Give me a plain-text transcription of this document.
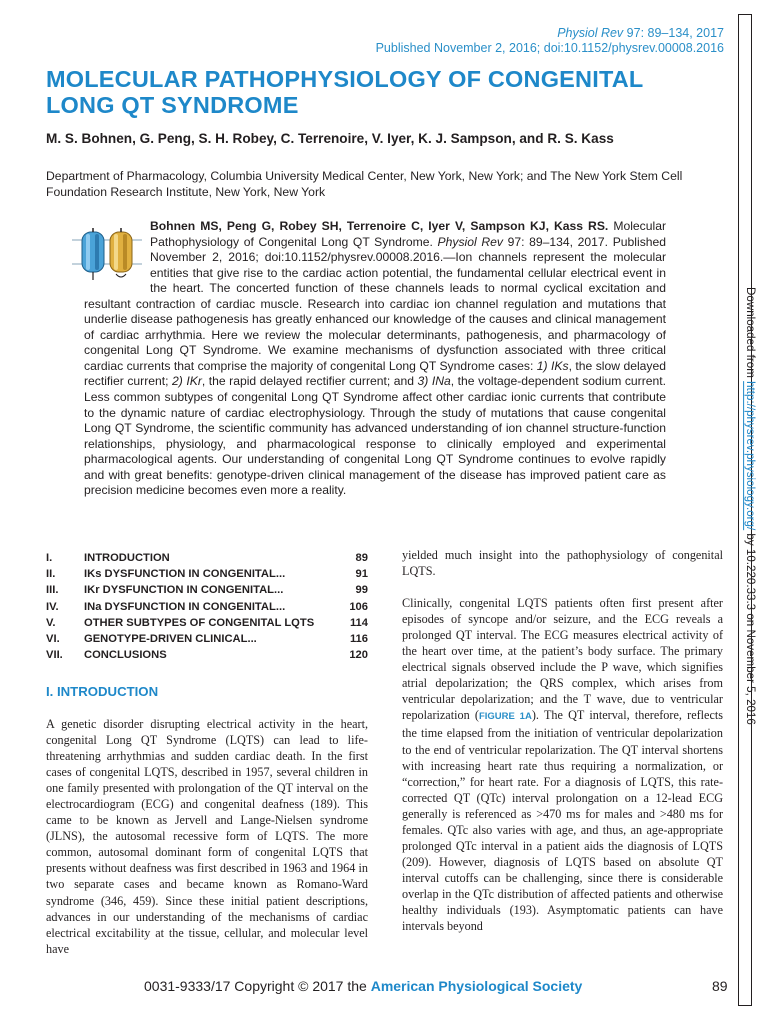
Physiol Rev 97: 89–134, 2017
Published November 2, 2016; doi:10.1152/physrev.00008.2016
MOLECULAR PATHOPHYSIOLOGY OF CONGENITAL
LONG QT SYNDROME
M. S. Bohnen, G. Peng, S. H. Robey, C. Terrenoire, V. Iyer, K. J. Sampson, and R. S. Kass
Department of Pharmacology, Columbia University Medical Center, New York, New York; and The New York Stem Cell Foundation Research Institute, New York, New York

Bohnen MS, Peng G, Robey SH, Terrenoire C, Iyer V, Sampson KJ, Kass RS. Molecular Pathophysiology of Congenital Long QT Syndrome. Physiol Rev 97: 89–134, 2017. Published November 2, 2016; doi:10.1152/physrev.00008.2016.—Ion channels represent the molecular entities that give rise to the cardiac action potential, the fundamental cellular electrical event in the heart. The concerted function of these channels leads to normal cyclical excitation and resultant contraction of cardiac muscle. Research into cardiac ion channel regulation and mutations that underlie disease pathogenesis has greatly enhanced our knowledge of the causes and clinical management of cardiac arrhythmia. Here we review the molecular determinants, pathogenesis, and pharmacology of congenital Long QT Syndrome. We examine mechanisms of dysfunction associated with three critical cardiac currents that comprise the majority of congenital Long QT Syndrome cases: 1) IKs, the slow delayed rectifier current; 2) IKr, the rapid delayed rectifier current; and 3) INa, the voltage-dependent sodium current. Less common subtypes of congenital Long QT Syndrome affect other cardiac ionic currents that contribute to the dynamic nature of cardiac electrophysiology. Through the study of mutations that cause congenital Long QT Syndrome, the scientific community has advanced understanding of ion channel structure-function relationships, physiology, and pharmacological response to clinically employed and experimental pharmacological agents. Our understanding of congenital Long QT Syndrome continues to evolve rapidly and with great benefits: genotype-driven clinical management of the disease has improved patient care as precision medicine becomes even more a reality.

I.	INTRODUCTION	89
II.	IKs DYSFUNCTION IN CONGENITAL...	91
III. IKr DYSFUNCTION IN CONGENITAL...	99
IV. INa DYSFUNCTION IN CONGENITAL...	106
V.	OTHER SUBTYPES OF CONGENITAL LQTS	114
VI. GENOTYPE-DRIVEN CLINICAL...	116
VII. CONCLUSIONS	120
I. INTRODUCTION

A genetic disorder disrupting electrical activity in the heart, congenital Long QT Syndrome (LQTS) can lead to life-threatening arrhythmias and sudden cardiac death. In the first cases of congenital LQTS, described in 1957, several children in one family presented with prolongation of the QT interval on the electrocardiogram (ECG) and congenital deafness (189). This came to be known as Jervell and Lange-Nielsen syndrome (JLNS), the autosomal recessive form of LQTS. The more common, autosomal dominant form of congenital LQTS that presents without deafness was first described in 1963 and 1964 in two separate cases and became known as Romano-Ward syndrome (346, 459). Since these initial patient descriptions, advances in our understanding of the mechanisms of cardiac electrical excitability at the tissue, cellular, and molecular level have

yielded much insight into the pathophysiology of congenital LQTS.

Clinically, congenital LQTS patients often first present after episodes of syncope and/or seizure, and the ECG reveals a prolonged QT interval. The ECG measures electrical activity of the heart over time, at the patient’s body surface. The primary electrical signals observed include the P wave, which signifies atrial depolarization; the QRS complex, which arises from ventricular depolarization; and the T wave, due to ventricular repolarization (FIGURE 1A). The QT interval, therefore, reflects the time elapsed from the initiation of ventricular depolarization to the end of ventricular repolarization. The QT interval shortens with increasing heart rate thus requiring a normalization, or “correction,” for heart rate. For a diagnosis of LQTS, this rate-corrected QT (QTc) interval prolongation on a 12-lead ECG generally is referenced as >470 ms for males and >480 ms for females. QTc also varies with age, and thus, an age-appropriate prolonged QTc interval in a patient aids the diagnosis of LQTS (209). However, diagnosis of LQTS based on absolute QT interval cutoffs can be challenging, since there is considerable overlap in the QTc distribution of affected patients and otherwise healthy individuals (193). Asymptomatic patients can have intervals beyond

0031-9333/17 Copyright © 2017 the American Physiological Society	89
Downloaded from http://physrev.physiology.org/ by 10.220.33.3 on November 5, 2016
